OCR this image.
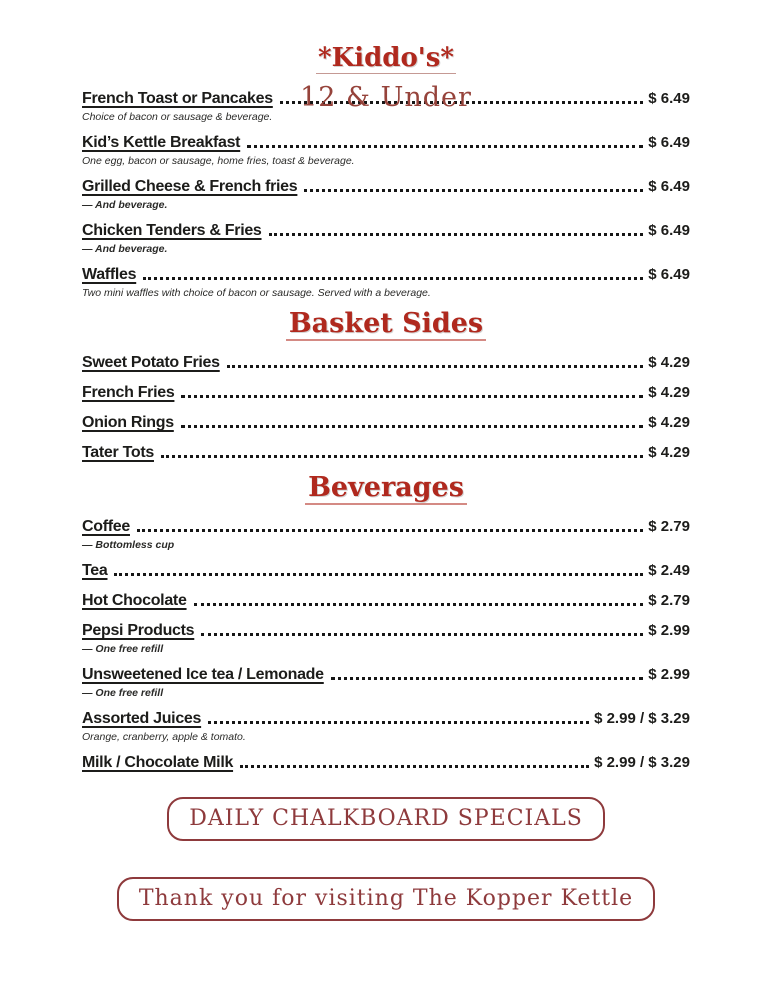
*Kiddo's*
12 & Under
French Toast or Pancakes	$ 6.49
Choice of bacon or sausage & beverage.
Kid’s Kettle Breakfast	$ 6.49
One egg, bacon or sausage, home fries, toast & beverage.
Grilled Cheese & French fries	$ 6.49
— And beverage.
Chicken Tenders & Fries	$ 6.49
— And beverage.
Waffles	$ 6.49
Two mini waffles with choice of bacon or sausage. Served with a beverage.
Basket Sides
Sweet Potato Fries	$ 4.29
French Fries	$ 4.29
Onion Rings	$ 4.29
Tater Tots	$ 4.29
Beverages
Coffee	$ 2.79
— Bottomless cup
Tea	$ 2.49
Hot Chocolate	$ 2.79
Pepsi Products	$ 2.99
— One free refill
Unsweetened Ice tea / Lemonade	$ 2.99
— One free refill
Assorted Juices	$ 2.99 / $ 3.29
Orange, cranberry, apple & tomato.
Milk / Chocolate Milk	$ 2.99 / $ 3.29
DAILY CHALKBOARD SPECIALS
Thank you for visiting The Kopper Kettle
